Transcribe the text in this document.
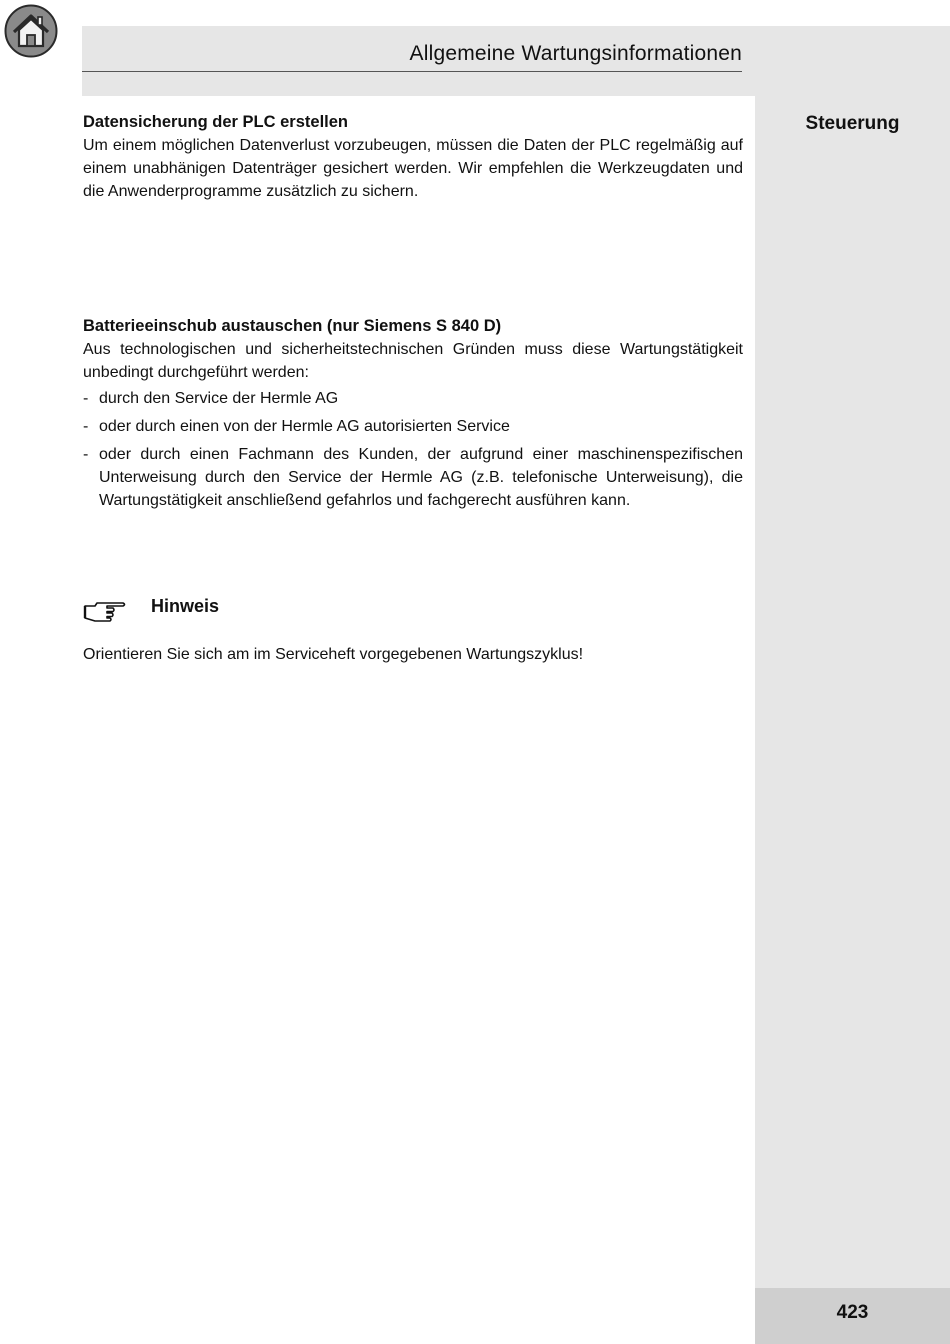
Allgemeine Wartungsinformationen
Steuerung
423
Datensicherung der PLC erstellen

Um einem möglichen Datenverlust vorzubeugen, müssen die Daten der PLC regelmäßig auf einem unabhänigen Datenträger gesichert werden. Wir empfehlen die Werkzeugdaten und die Anwenderprogramme zusätzlich zu sichern.

Batterieeinschub austauschen (nur Siemens S 840 D)

Aus technologischen und sicherheitstechnischen Gründen muss diese Wartungstätigkeit unbedingt durchgeführt werden:

- durch den Service der Hermle AG
- oder durch einen von der Hermle AG autorisierten Service
- oder durch einen Fachmann des Kunden, der aufgrund einer maschinenspezifischen Unterweisung durch den Service der Hermle AG (z.B. telefonische Unterweisung), die Wartungstätigkeit anschließend gefahrlos und fachgerecht ausführen kann.
Hinweis
Orientieren Sie sich am im Serviceheft vorgegebenen Wartungszyklus!
